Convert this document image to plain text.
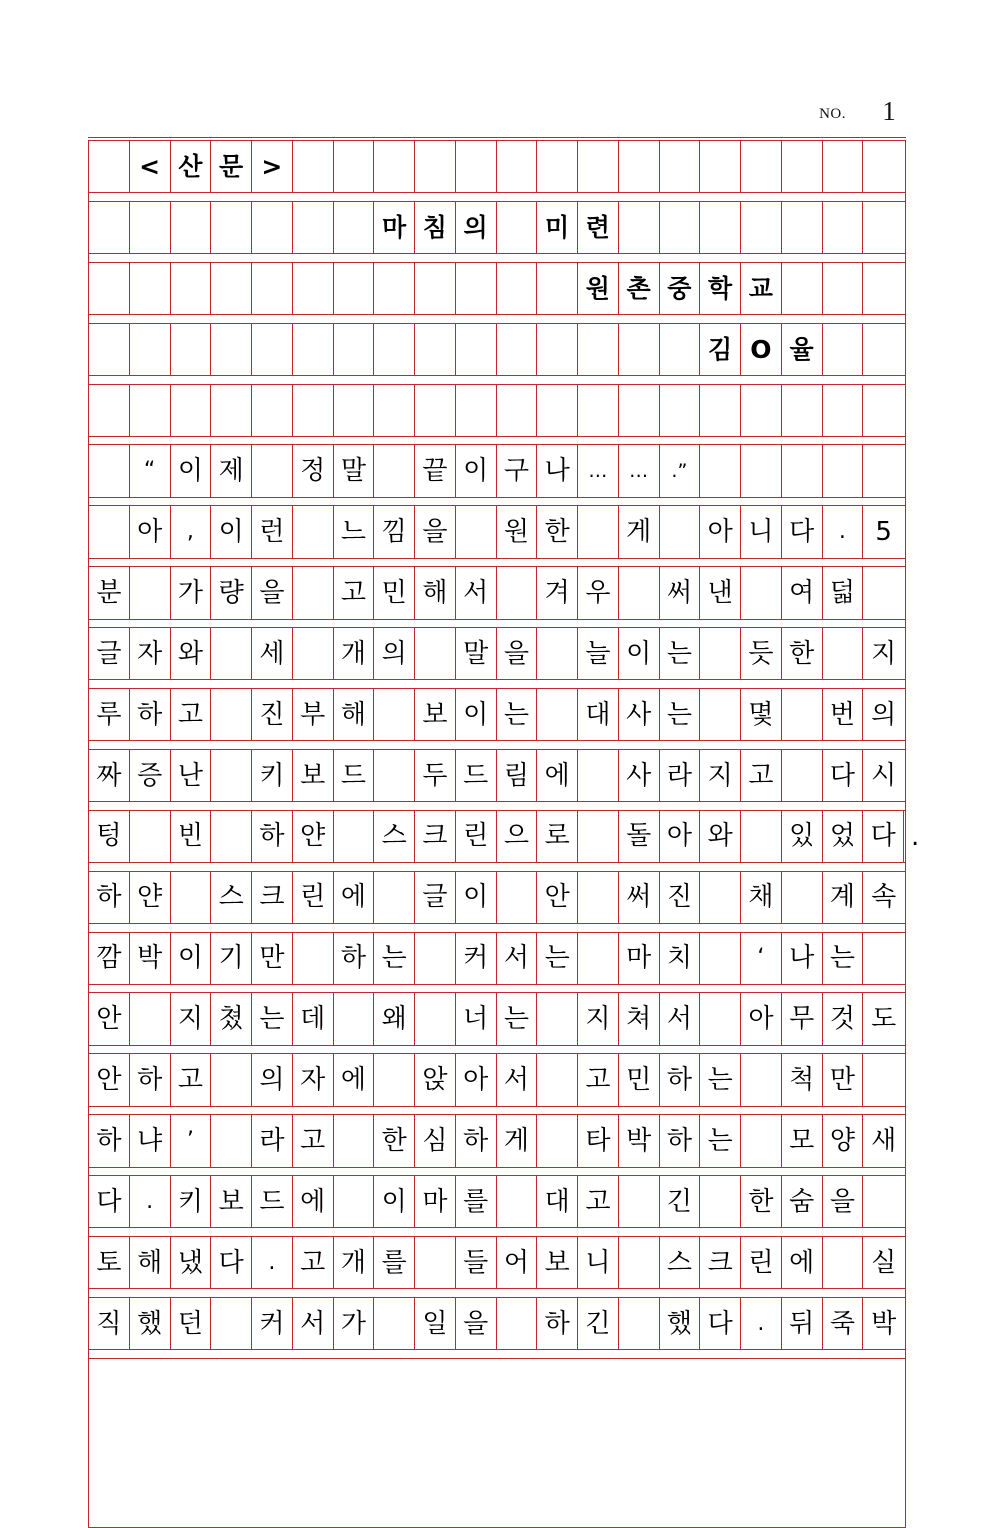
NO.	1
< 산 문 >
마 침 의	미 련
원 촌 중 학 교
김 O 율
“ 이 제	정 말	끝 이 구 나 …	…	.”
아	, 이 런	느 낌 을	원 한	게	아 니 다	.	5
분	가 량 을	고 민 해 서	겨 우	써 낸	여 덟
글 자 와	세	개 의	말 을	늘 이 는	듯 한	지
루 하 고	진 부 해	보 이 는	대 사 는	몇	번 의
짜 증 난	키 보 드	두 드 림 에	사 라 지 고	다 시
텅	빈	하 얀	스 크 린 으 로	돌 아 와	있 었 다 .
하 얀	스 크 린 에	글 이	안	써 진	채	계 속
깜 박 이 기 만	하 는	커 서 는	마 치	‘ 나 는
안	지 쳤 는 데	왜	너 는	지 쳐 서	아 무 것 도
안 하 고	의 자 에	앉 아 서	고 민 하 는	척 만
하 냐	’	라 고	한 심 하 게	타 박 하 는	모 양 새
다	. 키 보 드 에	이 마 를	대 고	긴	한 숨 을
토 해 냈 다	. 고 개 를	들 어 보 니	스 크 린 에	실
직 했 던	커 서 가	일 을	하 긴	했 다	. 뒤 죽 박
